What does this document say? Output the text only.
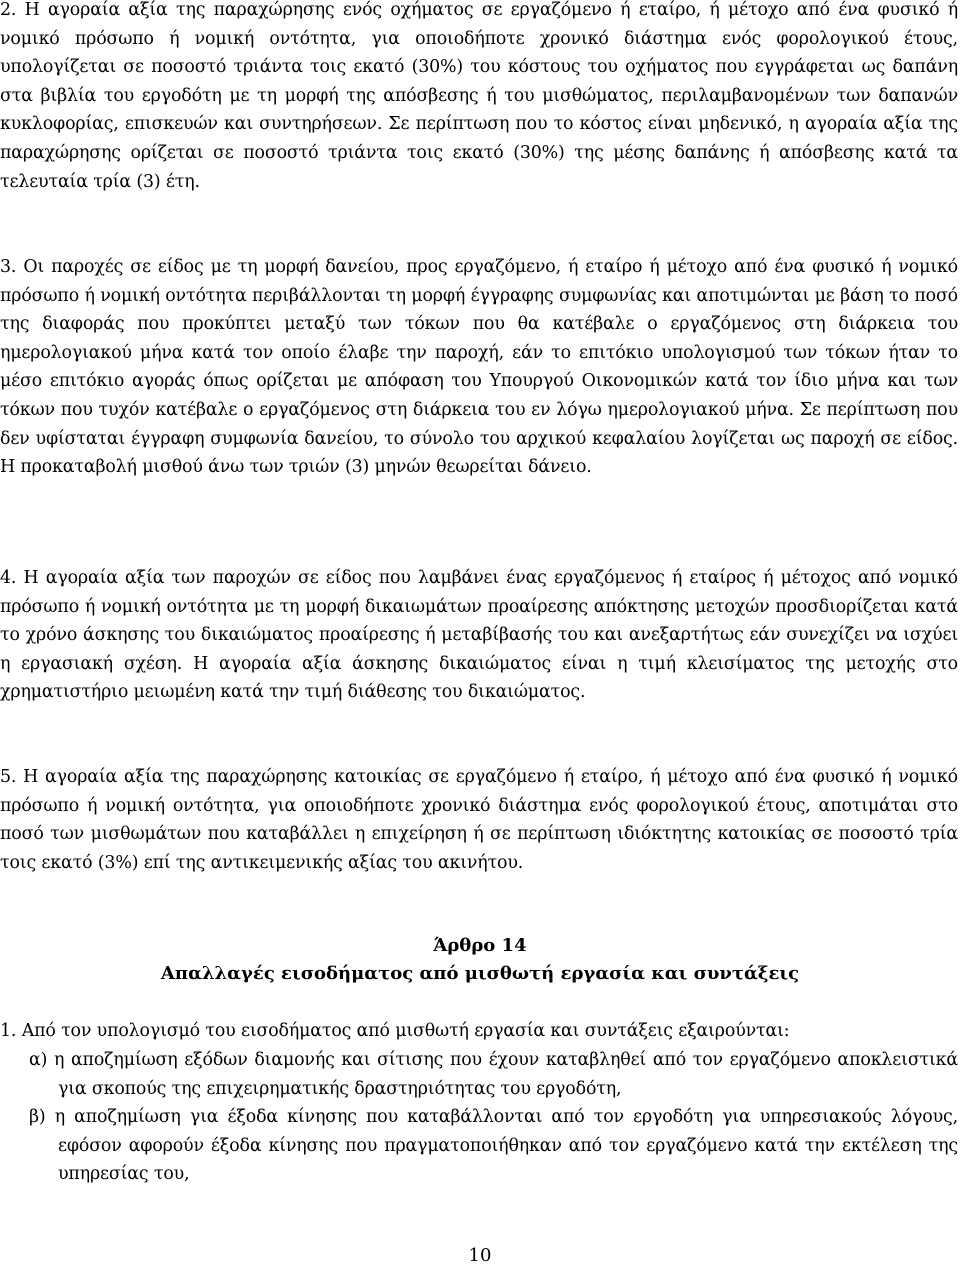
2. Η αγοραία αξία της παραχώρησης ενός οχήματος σε εργαζόμενο ή εταίρο, ή μέτοχο από ένα φυσικό ή νομικό πρόσωπο ή νομική οντότητα, για οποιοδήποτε χρονικό διάστημα ενός φορολογικού έτους, υπολογίζεται σε ποσοστό τριάντα τοις εκατό (30%) του κόστους του οχήματος που εγγράφεται ως δαπάνη στα βιβλία του εργοδότη με τη μορφή της απόσβεσης ή του μισθώματος, περιλαμβανομένων των δαπανών κυκλοφορίας, επισκευών και συντηρήσεων. Σε περίπτωση που το κόστος είναι μηδενικό, η αγοραία αξία της παραχώρησης ορίζεται σε ποσοστό τριάντα τοις εκατό (30%) της μέσης δαπάνης ή απόσβεσης κατά τα τελευταία τρία (3) έτη.

3. Οι παροχές σε είδος με τη μορφή δανείου, προς εργαζόμενο, ή εταίρο ή μέτοχο από ένα φυσικό ή νομικό πρόσωπο ή νομική οντότητα περιβάλλονται τη μορφή έγγραφης συμφωνίας και αποτιμώνται με βάση το ποσό της διαφοράς που προκύπτει μεταξύ των τόκων που θα κατέβαλε ο εργαζόμενος στη διάρκεια του ημερολογιακού μήνα κατά τον οποίο έλαβε την παροχή, εάν το επιτόκιο υπολογισμού των τόκων ήταν το μέσο επιτόκιο αγοράς όπως ορίζεται με απόφαση του Υπουργού Οικονομικών κατά τον ίδιο μήνα και των τόκων που τυχόν κατέβαλε ο εργαζόμενος στη διάρκεια του εν λόγω ημερολογιακού μήνα. Σε περίπτωση που δεν υφίσταται έγγραφη συμφωνία δανείου, το σύνολο του αρχικού κεφαλαίου λογίζεται ως παροχή σε είδος. Η προκαταβολή μισθού άνω των τριών (3) μηνών θεωρείται δάνειο.

4. Η αγοραία αξία των παροχών σε είδος που λαμβάνει ένας εργαζόμενος ή εταίρος ή μέτοχος από νομικό πρόσωπο ή νομική οντότητα με τη μορφή δικαιωμάτων προαίρεσης απόκτησης μετοχών προσδιορίζεται κατά το χρόνο άσκησης του δικαιώματος προαίρεσης ή μεταβίβασής του και ανεξαρτήτως εάν συνεχίζει να ισχύει η εργασιακή σχέση. Η αγοραία αξία άσκησης δικαιώματος είναι η τιμή κλεισίματος της μετοχής στο χρηματιστήριο μειωμένη κατά την τιμή διάθεσης του δικαιώματος.

5. Η αγοραία αξία της παραχώρησης κατοικίας σε εργαζόμενο ή εταίρο, ή μέτοχο από ένα φυσικό ή νομικό πρόσωπο ή νομική οντότητα, για οποιοδήποτε χρονικό διάστημα ενός φορολογικού έτους, αποτιμάται στο ποσό των μισθωμάτων που καταβάλλει η επιχείρηση ή σε περίπτωση ιδιόκτητης κατοικίας σε ποσοστό τρία τοις εκατό (3%) επί της αντικειμενικής αξίας του ακινήτου.

Άρθρο 14
Απαλλαγές εισοδήματος από μισθωτή εργασία και συντάξεις

1. Από τον υπολογισμό του εισοδήματος από μισθωτή εργασία και συντάξεις εξαιρούνται:

α) η αποζημίωση εξόδων διαμονής και σίτισης που έχουν καταβληθεί από τον εργαζόμενο αποκλειστικά για σκοπούς της επιχειρηματικής δραστηριότητας του εργοδότη,

β) η αποζημίωση για έξοδα κίνησης που καταβάλλονται από τον εργοδότη για υπηρεσιακούς λόγους, εφόσον αφορούν έξοδα κίνησης που πραγματοποιήθηκαν από τον εργαζόμενο κατά την εκτέλεση της υπηρεσίας του,

10
